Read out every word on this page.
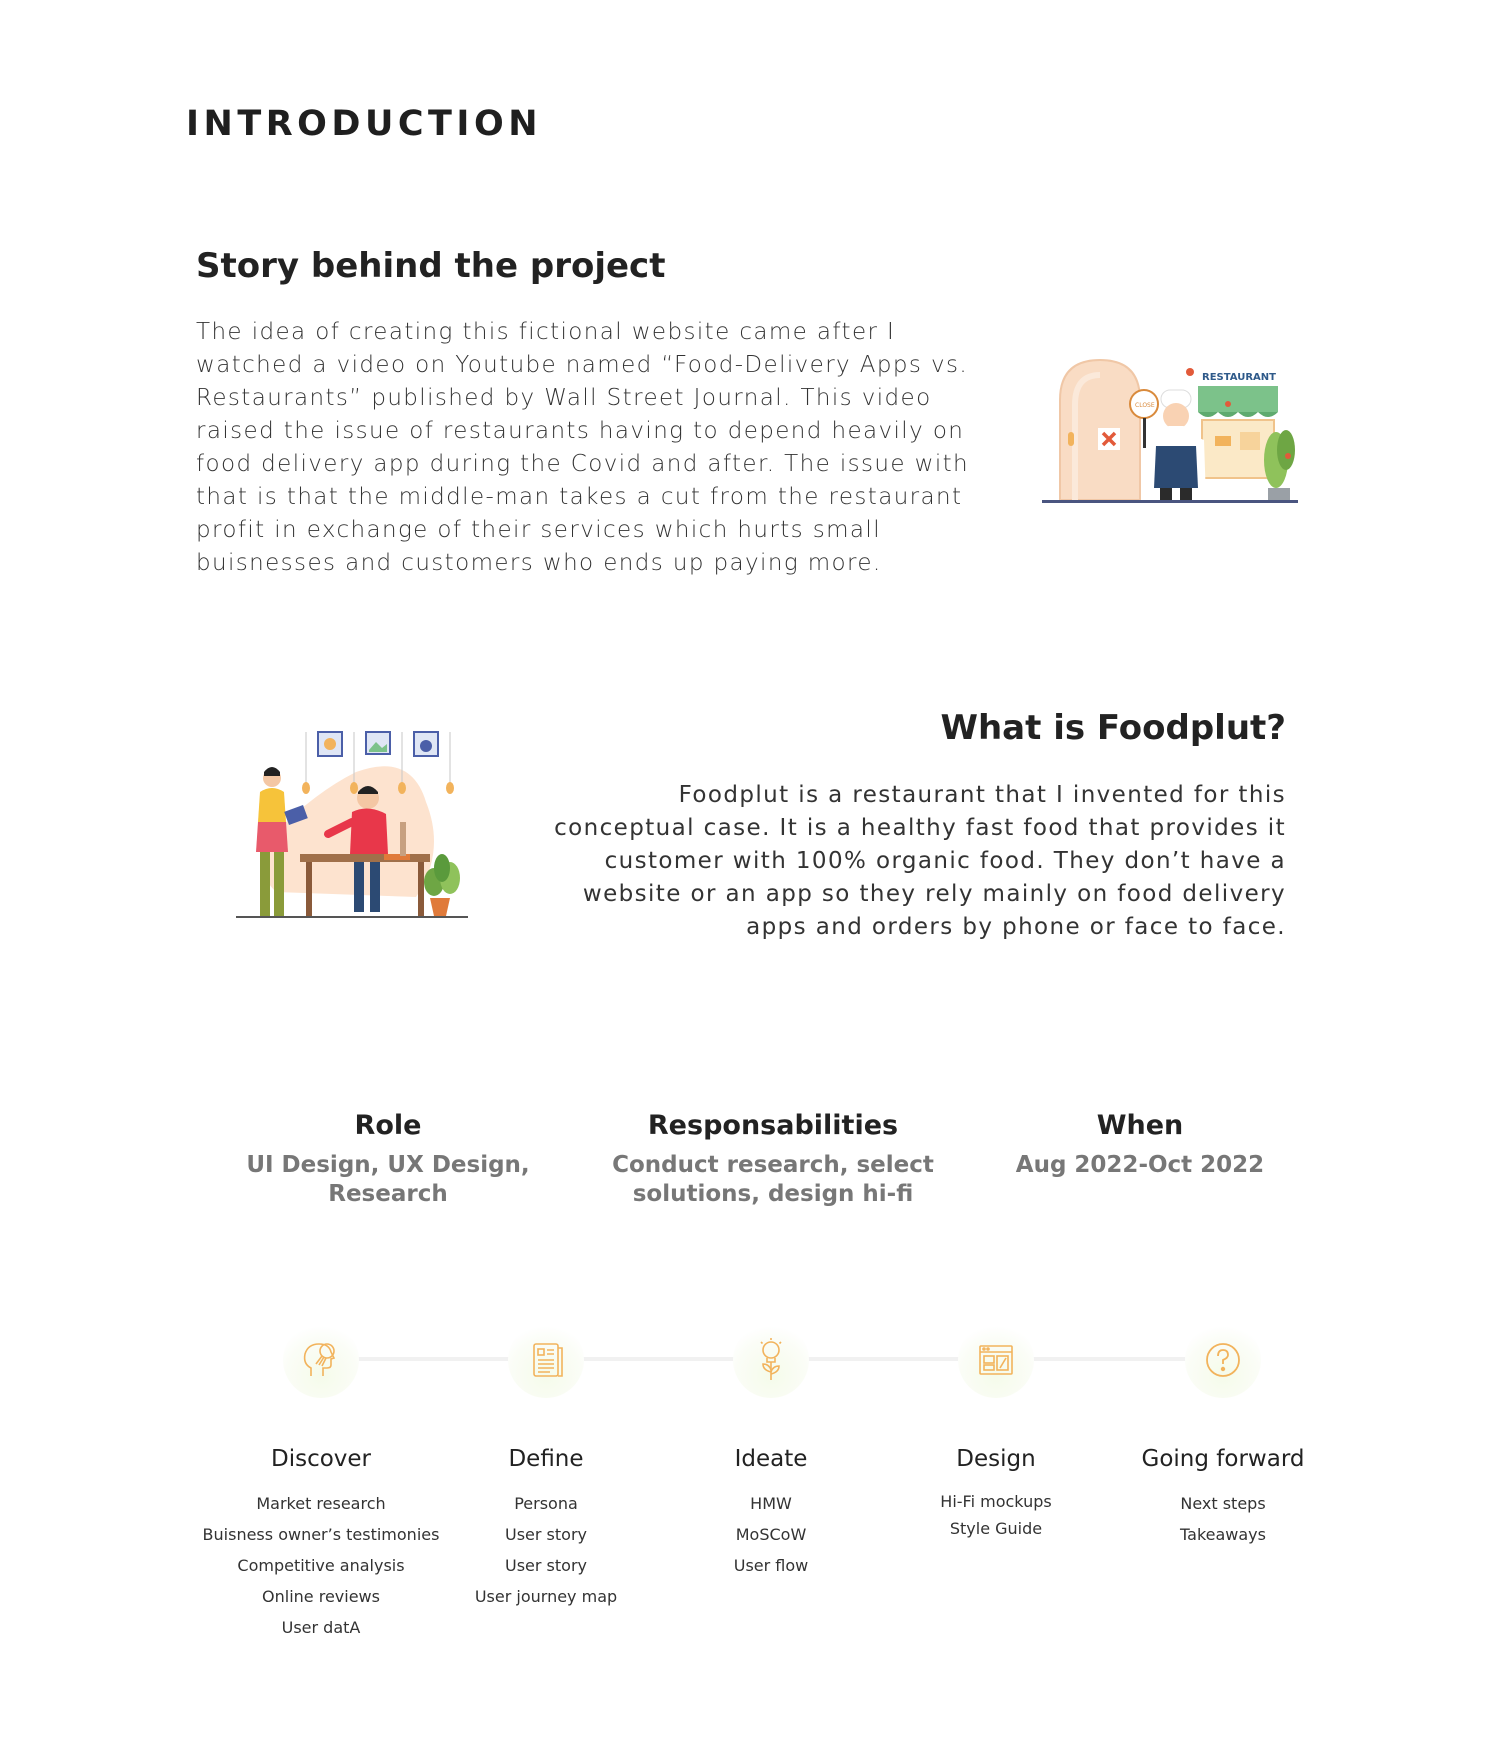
INTRODUCTION
Story behind the project

The idea of creating this fictional website came after I watched a video on Youtube named “Food-Delivery Apps vs. Restaurants” published by Wall Street Journal. This video raised the issue of restaurants having to depend heavily on food delivery app during the Covid and after. The issue with that is that the middle-man takes a cut from the restaurant profit in exchange of their services which hurts small buisnesses and customers who ends up paying more.

RESTAURANT
CLOSE
What is Foodplut?

Foodplut is a restaurant that I invented for this conceptual case. It is a healthy fast food that provides it customer with 100% organic food. They don’t have a website or an app so they rely mainly on food delivery apps and orders by phone or face to face.

Role
UI Design, UX Design,
Research
Responsabilities
Conduct research, select
solutions, design hi-fi
When
Aug 2022-Oct 2022
Discover
Market research
Buisness owner’s testimonies
Competitive analysis
Online reviews
User datA
Define
Persona
User story
User story
User journey map
Ideate
HMW
MoSCoW
User flow
Design
Hi-Fi mockups
Style Guide
Going forward
Next steps
Takeaways
